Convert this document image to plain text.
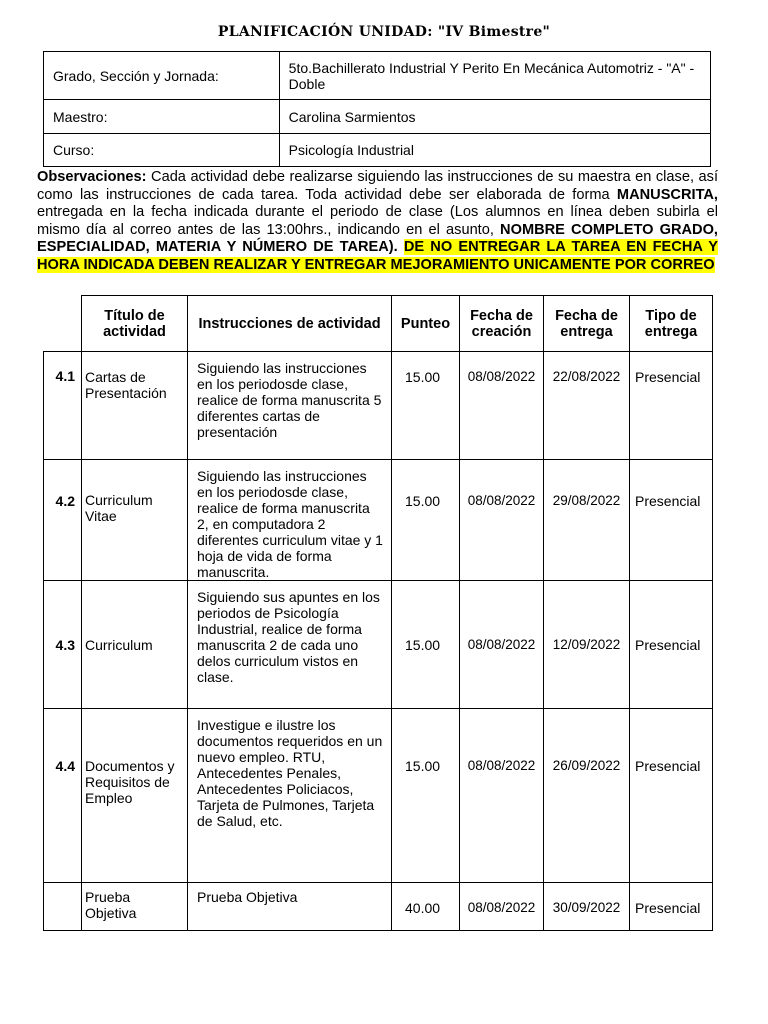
PLANIFICACIÓN UNIDAD: "IV Bimestre"
Grado, Sección y Jornada:	5to.Bachillerato Industrial Y Perito En Mecánica Automotriz - "A" - Doble
Maestro:	Carolina Sarmientos
Curso:	Psicología Industrial
Observaciones: Cada actividad debe realizarse siguiendo las instrucciones de su maestra en clase, así como las instrucciones de cada tarea. Toda actividad debe ser elaborada de forma MANUSCRITA, entregada en la fecha indicada durante el periodo de clase (Los alumnos en línea deben subirla el mismo día al correo antes de las 13:00hrs., indicando en el asunto, NOMBRE COMPLETO GRADO, ESPECIALIDAD, MATERIA Y NÚMERO DE TAREA). DE NO ENTREGAR LA TAREA EN FECHA Y HORA INDICADA DEBEN REALIZAR Y ENTREGAR MEJORAMIENTO UNICAMENTE POR CORREO
	Título de actividad	Instrucciones de actividad	Punteo	Fecha de creación	Fecha de entrega	Tipo de entrega
4.1	Cartas de Presentación	Siguiendo las instrucciones en los periodosde clase, realice de forma manuscrita 5 diferentes cartas de presentación	15.00	08/08/2022	22/08/2022	Presencial
4.2	Curriculum Vitae	Siguiendo las instrucciones en los periodosde clase, realice de forma manuscrita 2, en computadora 2 diferentes curriculum vitae y 1 hoja de vida de forma manuscrita.	15.00	08/08/2022	29/08/2022	Presencial
4.3	Curriculum	Siguiendo sus apuntes en los periodos de Psicología Industrial, realice de forma manuscrita 2 de cada uno delos curriculum vistos en clase.	15.00	08/08/2022	12/09/2022	Presencial
4.4	Documentos y Requisitos de Empleo	Investigue e ilustre los documentos requeridos en un nuevo empleo. RTU, Antecedentes Penales, Antecedentes Policiacos, Tarjeta de Pulmones, Tarjeta de Salud, etc.	15.00	08/08/2022	26/09/2022	Presencial
	Prueba Objetiva	Prueba Objetiva	40.00	08/08/2022	30/09/2022	Presencial
